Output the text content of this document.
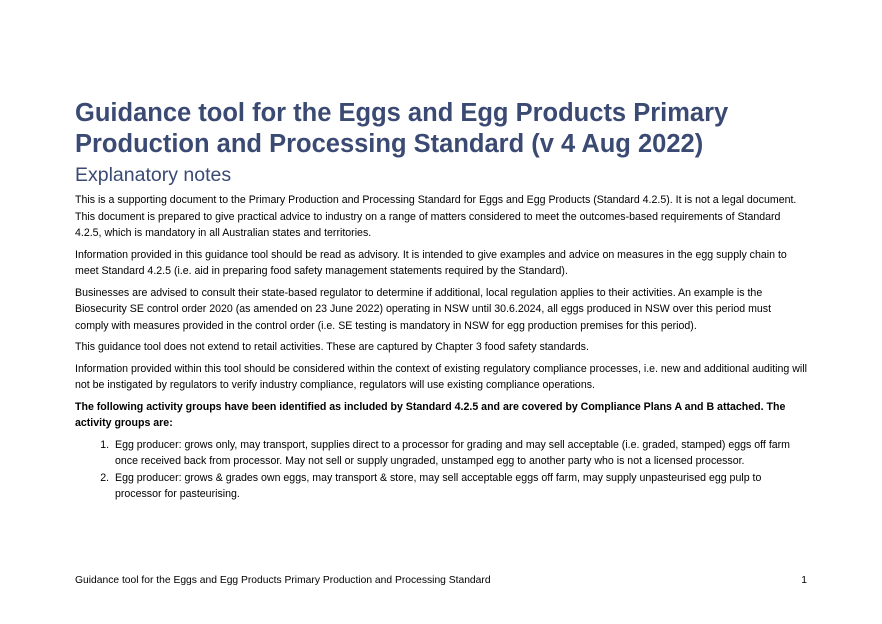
Guidance tool for the Eggs and Egg Products Primary Production and Processing Standard (v 4 Aug 2022)
Explanatory notes

This is a supporting document to the Primary Production and Processing Standard for Eggs and Egg Products (Standard 4.2.5). It is not a legal document. This document is prepared to give practical advice to industry on a range of matters considered to meet the outcomes-based requirements of Standard 4.2.5, which is mandatory in all Australian states and territories.

Information provided in this guidance tool should be read as advisory. It is intended to give examples and advice on measures in the egg supply chain to meet Standard 4.2.5 (i.e. aid in preparing food safety management statements required by the Standard).

Businesses are advised to consult their state-based regulator to determine if additional, local regulation applies to their activities. An example is the Biosecurity SE control order 2020 (as amended on 23 June 2022) operating in NSW until 30.6.2024, all eggs produced in NSW over this period must comply with measures provided in the control order (i.e. SE testing is mandatory in NSW for egg production premises for this period).

This guidance tool does not extend to retail activities. These are captured by Chapter 3 food safety standards.

Information provided within this tool should be considered within the context of existing regulatory compliance processes, i.e. new and additional auditing will not be instigated by regulators to verify industry compliance, regulators will use existing compliance operations.

The following activity groups have been identified as included by Standard 4.2.5 and are covered by Compliance Plans A and B attached. The activity groups are:

1. Egg producer: grows only, may transport, supplies direct to a processor for grading and may sell acceptable (i.e. graded, stamped) eggs off farm once received back from processor. May not sell or supply ungraded, unstamped egg to another party who is not a licensed processor.
2. Egg producer: grows & grades own eggs, may transport & store, may sell acceptable eggs off farm, may supply unpasteurised egg pulp to processor for pasteurising.
Guidance tool for the Eggs and Egg Products Primary Production and Processing Standard	1
